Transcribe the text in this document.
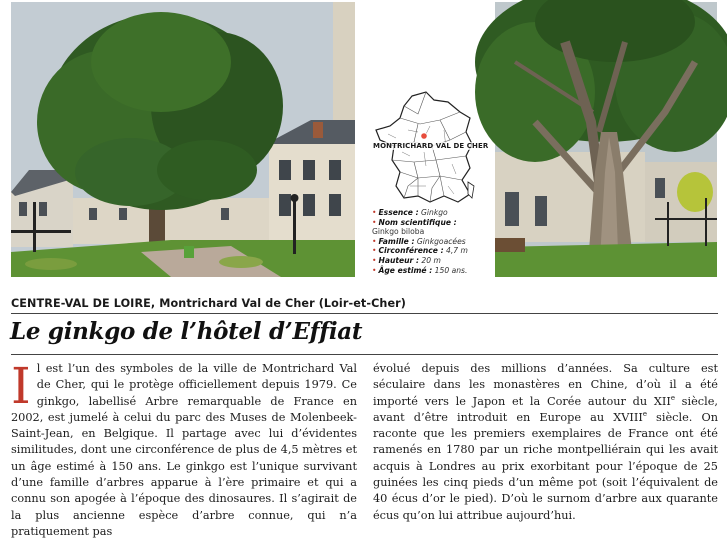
MONTRICHARD VAL DE CHER
• Essence : Ginkgo
• Nom scientifique :
Ginkgo biloba
• Famille : Ginkgoacées
• Circonférence : 4,7 m
• Hauteur : 20 m
• Âge estimé : 150 ans.
CENTRE-VAL DE LOIRE, Montrichard Val de Cher (Loir-et-Cher)
Le ginkgo de l’hôtel d’Effiat
Il est l’un des symboles de la ville de Montrichard Val de Cher, qui le protège officiellement depuis 1979. Ce ginkgo, labellisé Arbre remarquable de France en 2002, est jumelé à celui du parc des Muses de Molenbeek-Saint-Jean, en Belgique. Il partage avec lui d’évidentes similitudes, dont une circonférence de plus de 4,5 mètres et un âge estimé à 150 ans. Le ginkgo est l’unique survivant d’une famille d’arbres apparue à l’ère primaire et qui a connu son apogée à l’époque des dinosaures. Il s’agirait de la plus ancienne espèce d’arbre connue, qui n’a pratiquement pas
évolué depuis des millions d’années. Sa culture est séculaire dans les monastères en Chine, d’où il a été importé vers le Japon et la Corée autour du XIIe siècle, avant d’être introduit en Europe au XVIIIe siècle. On raconte que les premiers exemplaires de France ont été ramenés en 1780 par un riche montpelliérain qui les avait acquis à Londres au prix exorbitant pour l’époque de 25 guinées les cinq pieds d’un même pot (soit l’équivalent de 40 écus d’or le pied). D’où le surnom d’arbre aux quarante écus qu’on lui attribue aujourd’hui.
